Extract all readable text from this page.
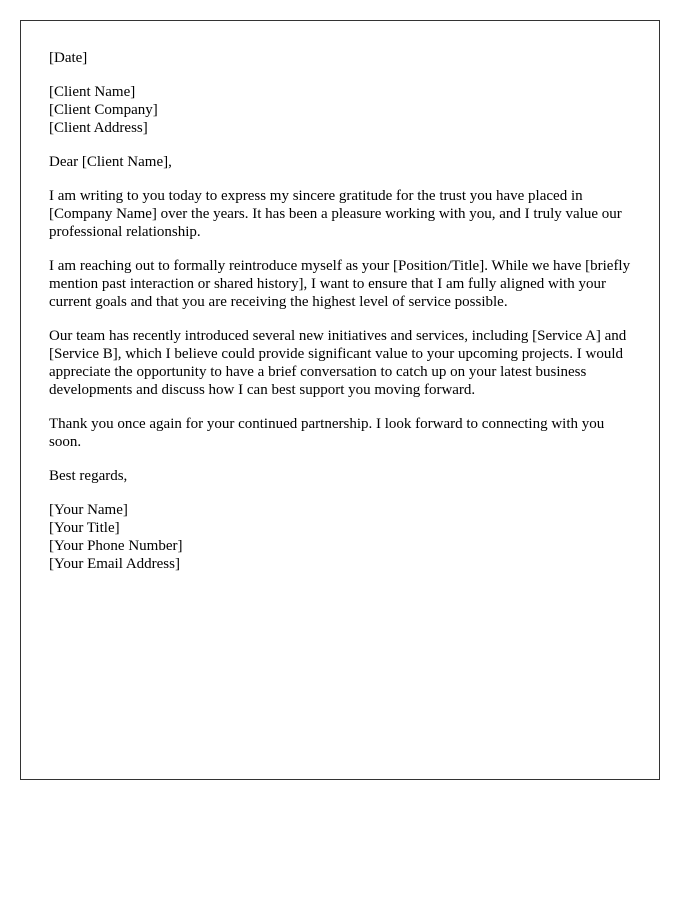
[Date]
[Client Name]
[Client Company]
[Client Address]
Dear [Client Name],

I am writing to you today to express my sincere gratitude for the trust you have placed in [Company Name] over the years. It has been a pleasure working with you, and I truly value our professional relationship.

I am reaching out to formally reintroduce myself as your [Position/Title]. While we have [briefly mention past interaction or shared history], I want to ensure that I am fully aligned with your current goals and that you are receiving the highest level of service possible.

Our team has recently introduced several new initiatives and services, including [Service A] and [Service B], which I believe could provide significant value to your upcoming projects. I would appreciate the opportunity to have a brief conversation to catch up on your latest business developments and discuss how I can best support you moving forward.

Thank you once again for your continued partnership. I look forward to connecting with you soon.

Best regards,
[Your Name]
[Your Title]
[Your Phone Number]
[Your Email Address]
